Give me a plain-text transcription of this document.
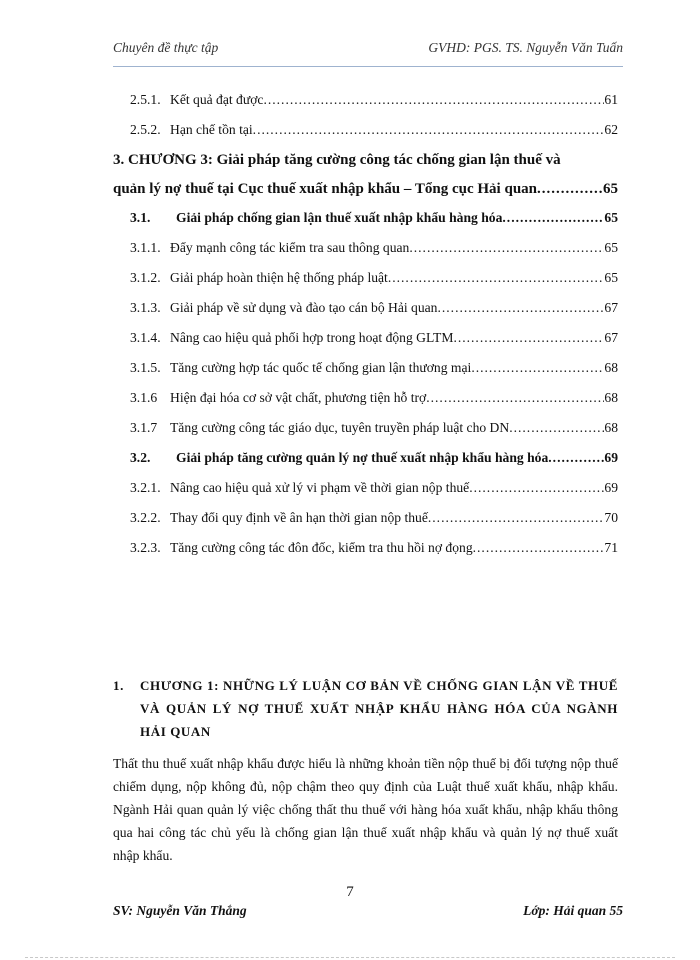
Chuyên đề thực tập	GVHD: PGS. TS. Nguyễn Văn Tuấn
2.5.1. Kết quả đạt được .....	61
2.5.2. Hạn chế tồn tại .....	62
3. CHƯƠNG 3: Giải pháp tăng cường công tác chống gian lận thuế và
quản lý nợ thuế tại Cục thuế xuất nhập khẩu – Tổng cục Hải quan .....	65
3.1. Giải pháp chống gian lận thuế xuất nhập khẩu hàng hóa .....	65
3.1.1. Đẩy mạnh công tác kiểm tra sau thông quan .....	65
3.1.2. Giải pháp hoàn thiện hệ thống pháp luật .....	65
3.1.3. Giải pháp về sử dụng và đào tạo cán bộ Hải quan .....	67
3.1.4. Nâng cao hiệu quả phối hợp trong hoạt động GLTM .....	67
3.1.5. Tăng cường hợp tác quốc tế chống gian lận thương mại .....	68
3.1.6 Hiện đại hóa cơ sở vật chất, phương tiện hỗ trợ .....	68
3.1.7 Tăng cường công tác giáo dục, tuyên truyền pháp luật cho DN .....	68
3.2. Giải pháp tăng cường quản lý nợ thuế xuất nhập khẩu hàng hóa .....	69
3.2.1. Nâng cao hiệu quả xử lý vi phạm về thời gian nộp thuế .....	69
3.2.2. Thay đổi quy định về ân hạn thời gian nộp thuế .....	70
3.2.3. Tăng cường công tác đôn đốc, kiểm tra thu hồi nợ đọng .....	71
1. CHƯƠNG 1: NHỮNG LÝ LUẬN CƠ BẢN VỀ CHỐNG GIAN LẬN VỀ THUẾ VÀ QUẢN LÝ NỢ THUẾ XUẤT NHẬP KHẨU HÀNG HÓA CỦA NGÀNH HẢI QUAN
Thất thu thuế xuất nhập khẩu được hiểu là những khoản tiền nộp thuế bị đối tượng nộp thuế chiếm dụng, nộp không đủ, nộp chậm theo quy định của Luật thuế xuất khẩu, nhập khẩu. Ngành Hải quan quản lý việc chống thất thu thuế với hàng hóa xuất khẩu, nhập khẩu thông qua hai công tác chủ yếu là chống gian lận thuế xuất nhập khẩu và quản lý nợ thuế xuất nhập khẩu.
7
SV: Nguyễn Văn Thắng	Lớp: Hải quan 55
